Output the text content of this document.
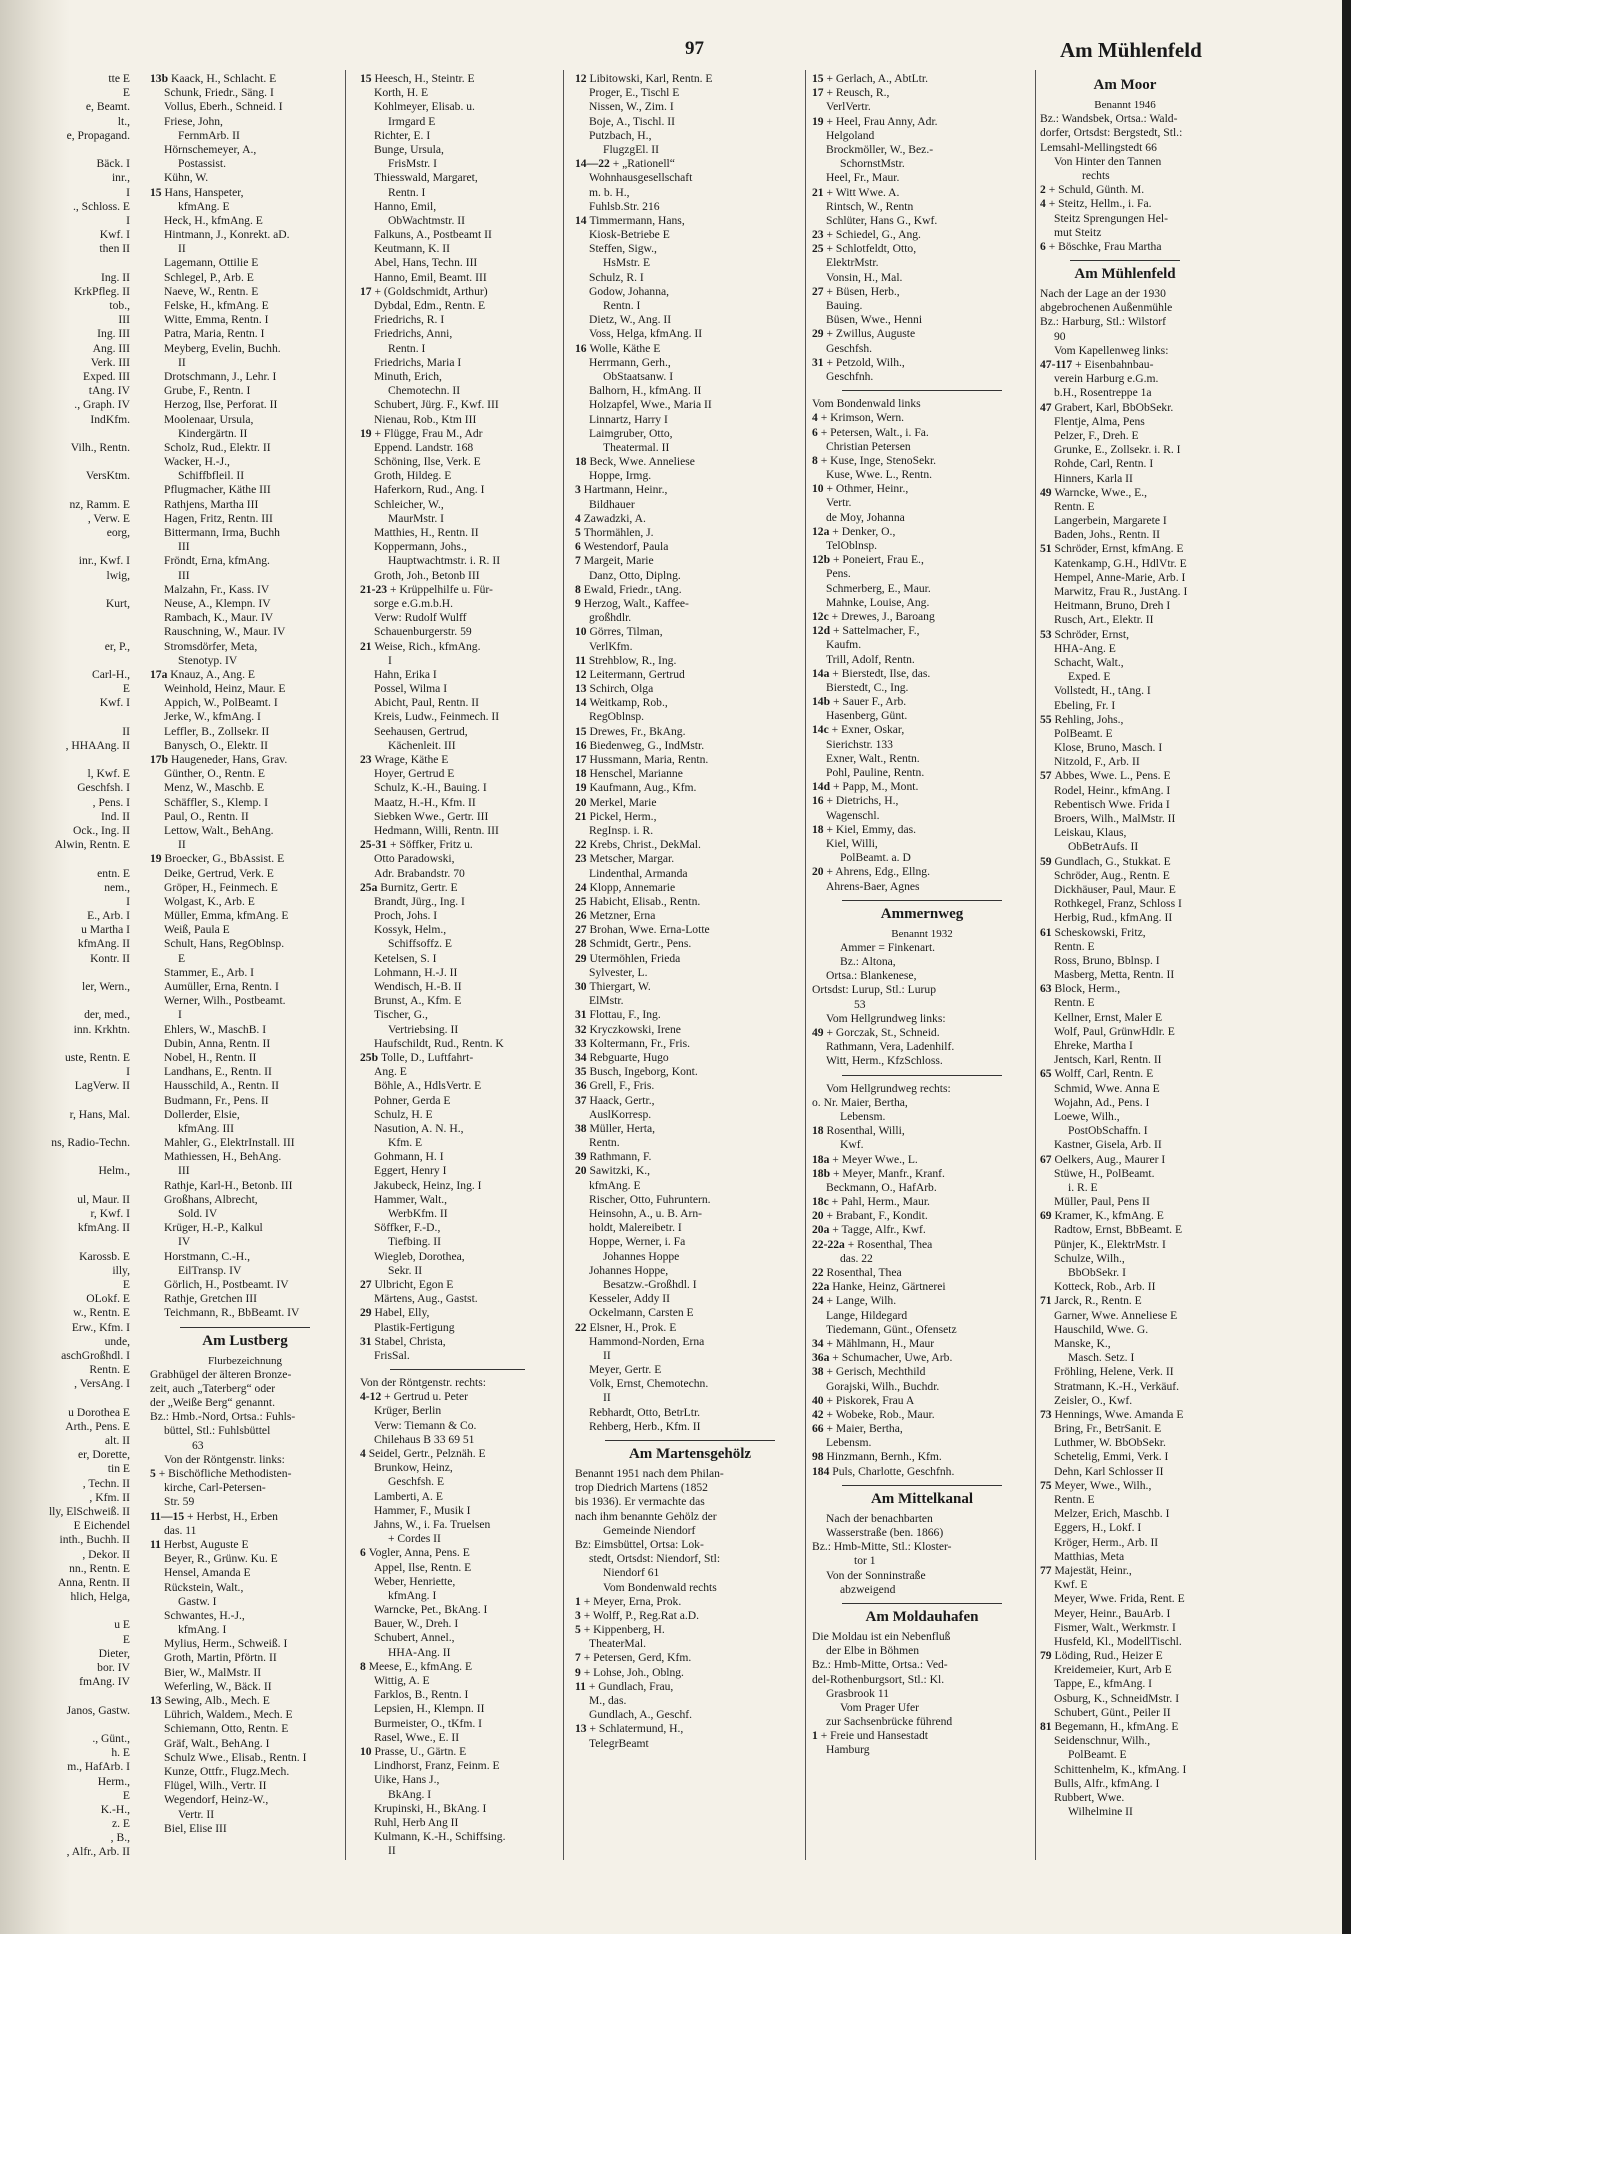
97	Am Mühlenfeld
tte E
E
e, Beamt.
lt.,
e, Propagand.
Bäck. I
inr.,
I
., Schloss. E
I
Kwf. I
then II
Ing. II
KrkPfleg. II
tob.,
III
Ing. III
Ang. III
Verk. III
Exped. III
tAng. IV
., Graph. IV
IndKfm.
Vilh., Rentn.
VersKtm.
nz, Ramm. E
, Verw. E
eorg,
inr., Kwf. I
lwig,
Kurt,
er, P.,
Carl-H.,
E
Kwf. I
II
, HHAAng. II
l, Kwf. E
Geschfsh. I
, Pens. I
Ind. II
Ock., Ing. II
Alwin, Rentn. E
entn. E
nem.,
I
E., Arb. I
u Martha I
kfmAng. II
Kontr. II
ler, Wern.,
der, med.,
inn. Krkhtn.
uste, Rentn. E
I
LagVerw. II
r, Hans, Mal.
ns, Radio-Techn.
Helm.,
ul, Maur. II
r, Kwf. I
kfmAng. II
Karossb. E
illy,
E
OLokf. E
w., Rentn. E
Erw., Kfm. I
unde,
aschGroßhdl. I
Rentn. E
, VersAng. I
u Dorothea E
Arth., Pens. E
alt. II
er, Dorette,
tin E
, Techn. II
, Kfm. II
lly, ElSchweiß. II
E Eichendel
inth., Buchh. II
, Dekor. II
nn., Rentn. E
Anna, Rentn. II
hlich, Helga,
u E
E
Dieter,
bor. IV
fmAng. IV
Janos, Gastw.
., Günt.,
h. E
m., HafArb. I
Herm.,
E
K.-H.,
z. E
, B.,
, Alfr., Arb. II
13b Kaack, H., Schlacht. E
Schunk, Friedr., Säng. I
Vollus, Eberh., Schneid. I
Friese, John,
FernmArb. II
Hörnschemeyer, A.,
Postassist.
Kühn, W.
15 Hans, Hanspeter,
kfmAng. E
Heck, H., kfmAng. E
Hintmann, J., Konrekt. aD.
II
Lagemann, Ottilie E
Schlegel, P., Arb. E
Naeve, W., Rentn. E
Felske, H., kfmAng. E
Witte, Emma, Rentn. I
Patra, Maria, Rentn. I
Meyberg, Evelin, Buchh.
II
Drotschmann, J., Lehr. I
Grube, F., Rentn. I
Herzog, Ilse, Perforat. II
Moolenaar, Ursula,
Kindergärtn. II
Scholz, Rud., Elektr. II
Wacker, H.-J.,
Schiffbfleil. II
Pflugmacher, Käthe III
Rathjens, Martha III
Hagen, Fritz, Rentn. III
Bittermann, Irma, Buchh
III
Fröndt, Erna, kfmAng.
III
Malzahn, Fr., Kass. IV
Neuse, A., Klempn. IV
Rambach, K., Maur. IV
Rauschning, W., Maur. IV
Stromsdörfer, Meta,
Stenotyp. IV
17a Knauz, A., Ang. E
Weinhold, Heinz, Maur. E
Appich, W., PolBeamt. I
Jerke, W., kfmAng. I
Leffler, B., Zollsekr. II
Banysch, O., Elektr. II
17b Haugeneder, Hans, Grav.
Günther, O., Rentn. E
Menz, W., Maschb. E
Schäffler, S., Klemp. I
Paul, O., Rentn. II
Lettow, Walt., BehAng.
II
19 Broecker, G., BbAssist. E
Deike, Gertrud, Verk. E
Gröper, H., Feinmech. E
Wolgast, K., Arb. E
Müller, Emma, kfmAng. E
Weiß, Paula E
Schult, Hans, RegOblnsp.
E
Stammer, E., Arb. I
Aumüller, Erna, Rentn. I
Werner, Wilh., Postbeamt.
I
Ehlers, W., MaschB. I
Dubin, Anna, Rentn. II
Nobel, H., Rentn. II
Landhans, E., Rentn. II
Hausschild, A., Rentn. II
Budmann, Fr., Pens. II
Dollerder, Elsie,
kfmAng. III
Mahler, G., ElektrInstall. III
Mathiessen, H., BehAng.
III
Rathje, Karl-H., Betonb. III
Großhans, Albrecht,
Sold. IV
Krüger, H.-P., Kalkul
IV
Horstmann, C.-H.,
EilTransp. IV
Görlich, H., Postbeamt. IV
Rathje, Gretchen III
Teichmann, R., BbBeamt. IV
Am Lustberg
Flurbezeichnung
Grabhügel der älteren Bronze-
zeit, auch „Taterberg“ oder
der „Weiße Berg“ genannt.
Bz.: Hmb.-Nord, Ortsa.: Fuhls-
büttel, Stl.: Fuhlsbüttel
63
Von der Röntgenstr. links:
5 + Bischöfliche Methodisten-
kirche, Carl-Petersen-
Str. 59
11—15 + Herbst, H., Erben
das. 11
11 Herbst, Auguste E
Beyer, R., Grünw. Ku. E
Hensel, Amanda E
Rückstein, Walt.,
Gastw. I
Schwantes, H.-J.,
kfmAng. I
Mylius, Herm., Schweiß. I
Groth, Martin, Pförtn. II
Bier, W., MalMstr. II
Weferling, W., Bäck. II
13 Sewing, Alb., Mech. E
Lührich, Waldem., Mech. E
Schiemann, Otto, Rentn. E
Gräf, Walt., BehAng. I
Schulz Wwe., Elisab., Rentn. I
Kunze, Ottfr., Flugz.Mech.
Flügel, Wilh., Vertr. II
Wegendorf, Heinz-W.,
Vertr. II
Biel, Elise III
15 Heesch, H., Steintr. E
Korth, H. E
Kohlmeyer, Elisab. u.
Irmgard E
Richter, E. I
Bunge, Ursula,
FrisMstr. I
Thiesswald, Margaret,
Rentn. I
Hanno, Emil,
ObWachtmstr. II
Falkuns, A., Postbeamt II
Keutmann, K. II
Abel, Hans, Techn. III
Hanno, Emil, Beamt. III
17 + (Goldschmidt, Arthur)
Dybdal, Edm., Rentn. E
Friedrichs, R. I
Friedrichs, Anni,
Rentn. I
Friedrichs, Maria I
Minuth, Erich,
Chemotechn. II
Schubert, Jürg. F., Kwf. III
Nienau, Rob., Ktm III
19 + Flügge, Frau M., Adr
Eppend. Landstr. 168
Schöning, Ilse, Verk. E
Groth, Hildeg. E
Haferkorn, Rud., Ang. I
Schleicher, W.,
MaurMstr. I
Matthies, H., Rentn. II
Koppermann, Johs.,
Hauptwachtmstr. i. R. II
Groth, Joh., Betonb III
21-23 + Krüppelhilfe u. Für-
sorge e.G.m.b.H.
Verw: Rudolf Wulff
Schauenburgerstr. 59
21 Weise, Rich., kfmAng.
I
Hahn, Erika I
Possel, Wilma I
Abicht, Paul, Rentn. II
Kreis, Ludw., Feinmech. II
Seehausen, Gertrud,
Kächenleit. III
23 Wrage, Käthe E
Hoyer, Gertrud E
Schulz, K.-H., Bauing. I
Maatz, H.-H., Kfm. II
Siebken Wwe., Gertr. III
Hedmann, Willi, Rentn. III
25-31 + Söffker, Fritz u.
Otto Paradowski,
Adr. Brabandstr. 70
25a Burnitz, Gertr. E
Brandt, Jürg., Ing. I
Proch, Johs. I
Kossyk, Helm.,
Schiffsoffz. E
Ketelsen, S. I
Lohmann, H.-J. II
Wendisch, H.-B. II
Brunst, A., Kfm. E
Tischer, G.,
Vertriebsing. II
Haufschildt, Rud., Rentn. K
25b Tolle, D., Luftfahrt-
Ang. E
Böhle, A., HdlsVertr. E
Pohner, Gerda E
Schulz, H. E
Nasution, A. N. H.,
Kfm. E
Gohmann, H. I
Eggert, Henry I
Jakubeck, Heinz, Ing. I
Hammer, Walt.,
WerbKfm. II
Söffker, F.-D.,
Tiefbing. II
Wiegleb, Dorothea,
Sekr. II
27 Ulbricht, Egon E
Märtens, Aug., Gastst.
29 Habel, Elly,
Plastik-Fertigung
31 Stabel, Christa,
FrisSal.
Von der Röntgenstr. rechts:
4-12 + Gertrud u. Peter
Krüger, Berlin
Verw: Tiemann & Co.
Chilehaus B 33 69 51
4 Seidel, Gertr., Pelznäh. E
Brunkow, Heinz,
Geschfsh. E
Lamberti, A. E
Hammer, F., Musik I
Jahns, W., i. Fa. Truelsen
+ Cordes II
6 Vogler, Anna, Pens. E
Appel, Ilse, Rentn. E
Weber, Henriette,
kfmAng. I
Warncke, Pet., BkAng. I
Bauer, W., Dreh. I
Schubert, Annel.,
HHA-Ang. II
8 Meese, E., kfmAng. E
Wittig, A. E
Farklos, B., Rentn. I
Lepsien, H., Klempn. II
Burmeister, O., tKfm. I
Rasel, Wwe., E. II
10 Prasse, U., Gärtn. E
Lindhorst, Franz, Feinm. E
Uike, Hans J.,
BkAng. I
Krupinski, H., BkAng. I
Ruhl, Herb Ang II
Kulmann, K.-H., Schiffsing.
II
12 Libitowski, Karl, Rentn. E
Proger, E., Tischl E
Nissen, W., Zim. I
Boje, A., Tischl. II
Putzbach, H.,
FlugzgEl. II
14—22 + „Rationell“
Wohnhausgesellschaft
m. b. H.,
Fuhlsb.Str. 216
14 Timmermann, Hans,
Kiosk-Betriebe E
Steffen, Sigw.,
HsMstr. E
Schulz, R. I
Godow, Johanna,
Rentn. I
Dietz, W., Ang. II
Voss, Helga, kfmAng. II
16 Wolle, Käthe E
Herrmann, Gerh.,
ObStaatsanw. I
Balhorn, H., kfmAng. II
Holzapfel, Wwe., Maria II
Linnartz, Harry I
Laimgruber, Otto,
Theatermal. II
18 Beck, Wwe. Anneliese
Hoppe, Irmg.
3 Hartmann, Heinr.,
Bildhauer
4 Zawadzki, A.
5 Thormählen, J.
6 Westendorf, Paula
7 Margeit, Marie
Danz, Otto, Diplng.
8 Ewald, Friedr., tAng.
9 Herzog, Walt., Kaffee-
großhdlr.
10 Görres, Tilman,
VerlKfm.
11 Strehblow, R., Ing.
12 Leitermann, Gertrud
13 Schirch, Olga
14 Weitkamp, Rob.,
RegOblnsp.
15 Drewes, Fr., BkAng.
16 Biedenweg, G., IndMstr.
17 Hussmann, Maria, Rentn.
18 Henschel, Marianne
19 Kaufmann, Aug., Kfm.
20 Merkel, Marie
21 Pickel, Herm.,
RegInsp. i. R.
22 Krebs, Christ., DekMal.
23 Metscher, Margar.
Lindenthal, Armanda
24 Klopp, Annemarie
25 Habicht, Elisab., Rentn.
26 Metzner, Erna
27 Brohan, Wwe. Erna-Lotte
28 Schmidt, Gertr., Pens.
29 Utermöhlen, Frieda
Sylvester, L.
30 Thiergart, W.
ElMstr.
31 Flottau, F., Ing.
32 Kryczkowski, Irene
33 Koltermann, Fr., Fris.
34 Rebguarte, Hugo
35 Busch, Ingeborg, Kont.
36 Grell, F., Fris.
37 Haack, Gertr.,
AuslKorresp.
38 Müller, Herta,
Rentn.
39 Rathmann, F.
20 Sawitzki, K.,
kfmAng. E
Rischer, Otto, Fuhruntern.
Heinsohn, A., u. B. Arn-
holdt, Malereibetr. I
Hoppe, Werner, i. Fa
Johannes Hoppe
Johannes Hoppe,
Besatzw.-Großhdl. I
Kesseler, Addy II
Ockelmann, Carsten E
22 Elsner, H., Prok. E
Hammond-Norden, Erna
II
Meyer, Gertr. E
Volk, Ernst, Chemotechn.
II
Rebhardt, Otto, BetrLtr.
Rehberg, Herb., Kfm. II
Am Martensgehölz
Benannt 1951 nach dem Philan-
trop Diedrich Martens (1852
bis 1936). Er vermachte das
nach ihm benannte Gehölz der
Gemeinde Niendorf
Bz: Eimsbüttel, Ortsa: Lok-
stedt, Ortsdst: Niendorf, Stl:
Niendorf 61
Vom Bondenwald rechts
1 + Meyer, Erna, Prok.
3 + Wolff, P., Reg.Rat a.D.
5 + Kippenberg, H.
TheaterMal.
7 + Petersen, Gerd, Kfm.
9 + Lohse, Joh., Oblng.
11 + Gundlach, Frau,
M., das.
Gundlach, A., Geschf.
13 + Schlatermund, H.,
TelegrBeamt
15 + Gerlach, A., AbtLtr.
17 + Reusch, R.,
VerlVertr.
19 + Heel, Frau Anny, Adr.
Helgoland
Brockmöller, W., Bez.-
SchornstMstr.
Heel, Fr., Maur.
21 + Witt Wwe. A.
Rintsch, W., Rentn
Schlüter, Hans G., Kwf.
23 + Schiedel, G., Ang.
25 + Schlotfeldt, Otto,
ElektrMstr.
Vonsin, H., Mal.
27 + Büsen, Herb.,
Bauing.
Büsen, Wwe., Henni
29 + Zwillus, Auguste
Geschfsh.
31 + Petzold, Wilh.,
Geschfnh.
Vom Bondenwald links
4 + Krimson, Wern.
6 + Petersen, Walt., i. Fa.
Christian Petersen
8 + Kuse, Inge, StenoSekr.
Kuse, Wwe. L., Rentn.
10 + Othmer, Heinr.,
Vertr.
de Moy, Johanna
12a + Denker, O.,
TelOblnsp.
12b + Poneiert, Frau E.,
Pens.
Schmerberg, E., Maur.
Mahnke, Louise, Ang.
12c + Drewes, J., Baroang
12d + Sattelmacher, F.,
Kaufm.
Trill, Adolf, Rentn.
14a + Bierstedt, Ilse, das.
Bierstedt, C., Ing.
14b + Sauer F., Arb.
Hasenberg, Günt.
14c + Exner, Oskar,
Sierichstr. 133
Exner, Walt., Rentn.
Pohl, Pauline, Rentn.
14d + Papp, M., Mont.
16 + Dietrichs, H.,
Wagenschl.
18 + Kiel, Emmy, das.
Kiel, Willi,
PolBeamt. a. D
20 + Ahrens, Edg., Ellng.
Ahrens-Baer, Agnes
Ammernweg
Benannt 1932
Ammer = Finkenart.
Bz.: Altona,
Ortsa.: Blankenese,
Ortsdst: Lurup, Stl.: Lurup
53
Vom Hellgrundweg links:
49 + Gorczak, St., Schneid.
Rathmann, Vera, Ladenhilf.
Witt, Herm., KfzSchloss.
Vom Hellgrundweg rechts:
o. Nr. Maier, Bertha,
Lebensm.
18 Rosenthal, Willi,
Kwf.
18a + Meyer Wwe., L.
18b + Meyer, Manfr., Kranf.
Beckmann, O., HafArb.
18c + Pahl, Herm., Maur.
20 + Brabant, F., Kondit.
20a + Tagge, Alfr., Kwf.
22-22a + Rosenthal, Thea
das. 22
22 Rosenthal, Thea
22a Hanke, Heinz, Gärtnerei
24 + Lange, Wilh.
Lange, Hildegard
Tiedemann, Günt., Ofensetz
34 + Mählmann, H., Maur
36a + Schumacher, Uwe, Arb.
38 + Gerisch, Mechthild
Gorajski, Wilh., Buchdr.
40 + Piskorek, Frau A
42 + Wobeke, Rob., Maur.
66 + Maier, Bertha,
Lebensm.
98 Hinzmann, Bernh., Kfm.
184 Puls, Charlotte, Geschfnh.
Am Mittelkanal
Nach der benachbarten
Wasserstraße (ben. 1866)
Bz.: Hmb-Mitte, Stl.: Kloster-
tor 1
Von der Sonninstraße
abzweigend
Am Moldauhafen
Die Moldau ist ein Nebenfluß
der Elbe in Böhmen
Bz.: Hmb-Mitte, Ortsa.: Ved-
del-Rothenburgsort, Stl.: Kl.
Grasbrook 11
Vom Prager Ufer
zur Sachsenbrücke führend
1 + Freie und Hansestadt
Hamburg
Am Moor
Benannt 1946
Bz.: Wandsbek, Ortsa.: Wald-
dorfer, Ortsdst: Bergstedt, Stl.:
Lemsahl-Mellingstedt 66
Von Hinter den Tannen
rechts
2 + Schuld, Günth. M.
4 + Steitz, Hellm., i. Fa.
Steitz Sprengungen Hel-
mut Steitz
6 + Böschke, Frau Martha
Am Mühlenfeld
Nach der Lage an der 1930
abgebrochenen Außenmühle
Bz.: Harburg, Stl.: Wilstorf
90
Vom Kapellenweg links:
47-117 + Eisenbahnbau-
verein Harburg e.G.m.
b.H., Rosentreppe 1a
47 Grabert, Karl, BbObSekr.
Flentje, Alma, Pens
Pelzer, F., Dreh. E
Grunke, E., Zollsekr. i. R. I
Rohde, Carl, Rentn. I
Hinners, Karla II
49 Warncke, Wwe., E.,
Rentn. E
Langerbein, Margarete I
Baden, Johs., Rentn. II
51 Schröder, Ernst, kfmAng. E
Katenkamp, G.H., HdlVtr. E
Hempel, Anne-Marie, Arb. I
Marwitz, Frau R., JustAng. I
Heitmann, Bruno, Dreh I
Rusch, Art., Elektr. II
53 Schröder, Ernst,
HHA-Ang. E
Schacht, Walt.,
Exped. E
Vollstedt, H., tAng. I
Ebeling, Fr. I
55 Rehling, Johs.,
PolBeamt. E
Klose, Bruno, Masch. I
Nitzold, F., Arb. II
57 Abbes, Wwe. L., Pens. E
Rodel, Heinr., kfmAng. I
Rebentisch Wwe. Frida I
Broers, Wilh., MalMstr. II
Leiskau, Klaus,
ObBetrAufs. II
59 Gundlach, G., Stukkat. E
Schröder, Aug., Rentn. E
Dickhäuser, Paul, Maur. E
Rothkegel, Franz, Schloss I
Herbig, Rud., kfmAng. II
61 Scheskowski, Fritz,
Rentn. E
Ross, Bruno, Bblnsp. I
Masberg, Metta, Rentn. II
63 Block, Herm.,
Rentn. E
Kellner, Ernst, Maler E
Wolf, Paul, GrünwHdlr. E
Ehreke, Martha I
Jentsch, Karl, Rentn. II
65 Wolff, Carl, Rentn. E
Schmid, Wwe. Anna E
Wojahn, Ad., Pens. I
Loewe, Wilh.,
PostObSchaffn. I
Kastner, Gisela, Arb. II
67 Oelkers, Aug., Maurer I
Stüwe, H., PolBeamt.
i. R. E
Müller, Paul, Pens II
69 Kramer, K., kfmAng. E
Radtow, Ernst, BbBeamt. E
Pünjer, K., ElektrMstr. I
Schulze, Wilh.,
BbObSekr. I
Kotteck, Rob., Arb. II
71 Jarck, R., Rentn. E
Garner, Wwe. Anneliese E
Hauschild, Wwe. G.
Manske, K.,
Masch. Setz. I
Fröhling, Helene, Verk. II
Stratmann, K.-H., Verkäuf.
Zeisler, O., Kwf.
73 Hennings, Wwe. Amanda E
Bring, Fr., BetrSanit. E
Luthmer, W. BbObSekr.
Schetelig, Emmi, Verk. I
Dehn, Karl Schlosser II
75 Meyer, Wwe., Wilh.,
Rentn. E
Melzer, Erich, Maschb. I
Eggers, H., Lokf. I
Kröger, Herm., Arb. II
Matthias, Meta
77 Majestät, Heinr.,
Kwf. E
Meyer, Wwe. Frida, Rent. E
Meyer, Heinr., BauArb. I
Fismer, Walt., Werkmstr. I
Husfeld, Kl., ModellTischl.
79 Löding, Rud., Heizer E
Kreidemeier, Kurt, Arb E
Tappe, E., kfmAng. I
Osburg, K., SchneidMstr. I
Schubert, Günt., Peiler II
81 Begemann, H., kfmAng. E
Seidenschnur, Wilh.,
PolBeamt. E
Schittenhelm, K., kfmAng. I
Bulls, Alfr., kfmAng. I
Rubbert, Wwe.
Wilhelmine II
